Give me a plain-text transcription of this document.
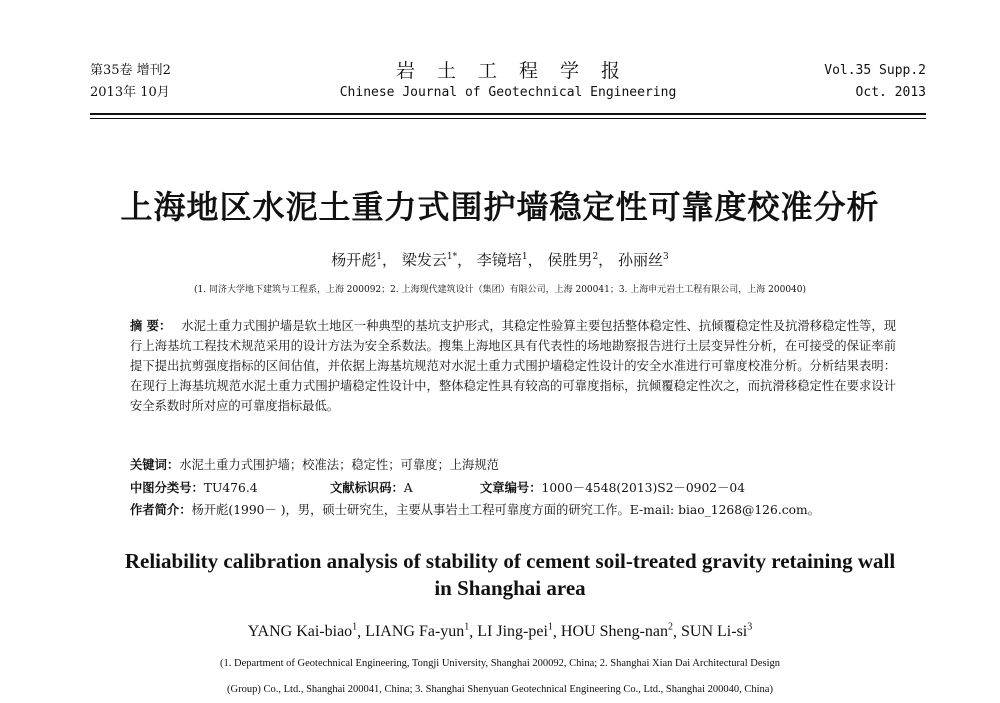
第35卷 增刊2
2013年 10月
岩土工程学报
Chinese Journal of Geotechnical Engineering
Vol.35 Supp.2
Oct. 2013
上海地区水泥土重力式围护墙稳定性可靠度校准分析
杨开彪$^1$， 梁发云$^{1*}$， 李镜培$^1$， 侯胜男$^2$， 孙丽丝$^3$
(1. 同济大学地下建筑与工程系，上海 200092；2. 上海现代建筑设计（集团）有限公司，上海 200041；3. 上海申元岩土工程有限公司，上海 200040)
摘 要： 水泥土重力式围护墙是软土地区一种典型的基坑支护形式，其稳定性验算主要包括整体稳定性、抗倾覆稳定性及抗滑移稳定性等，现行上海基坑工程技术规范采用的设计方法为安全系数法。搜集上海地区具有代表性的场地勘察报告进行土层变异性分析，在可接受的保证率前提下提出抗剪强度指标的区间估值，并依据上海基坑规范对水泥土重力式围护墙稳定性设计的安全水准进行可靠度校准分析。分析结果表明：在现行上海基坑规范水泥土重力式围护墙稳定性设计中，整体稳定性具有较高的可靠度指标，抗倾覆稳定性次之，而抗滑移稳定性在要求设计安全系数时所对应的可靠度指标最低。
关键词：水泥土重力式围护墙；校准法；稳定性；可靠度；上海规范
中图分类号：TU476.4	文献标识码：A	文章编号：1000－4548(2013)S2－0902－04
作者简介：杨开彪(1990－ )，男，硕士研究生，主要从事岩土工程可靠度方面的研究工作。E-mail: biao_1268@126.com。
Reliability calibration analysis of stability of cement soil-treated gravity retaining wall in Shanghai area
YANG Kai-biao$^1$, LIANG Fa-yun$^1$, LI Jing-pei$^1$, HOU Sheng-nan$^2$, SUN $Li-si^3$
(1. Department of Geotechnical Engineering, Tongji University, Shanghai 200092, China; 2. Shanghai Xian Dai Architectural Design
(Group) Co., Ltd., Shanghai 200041, China; 3. Shanghai Shenyuan Geotechnical Engineering Co., Ltd., Shanghai 200040, China)
